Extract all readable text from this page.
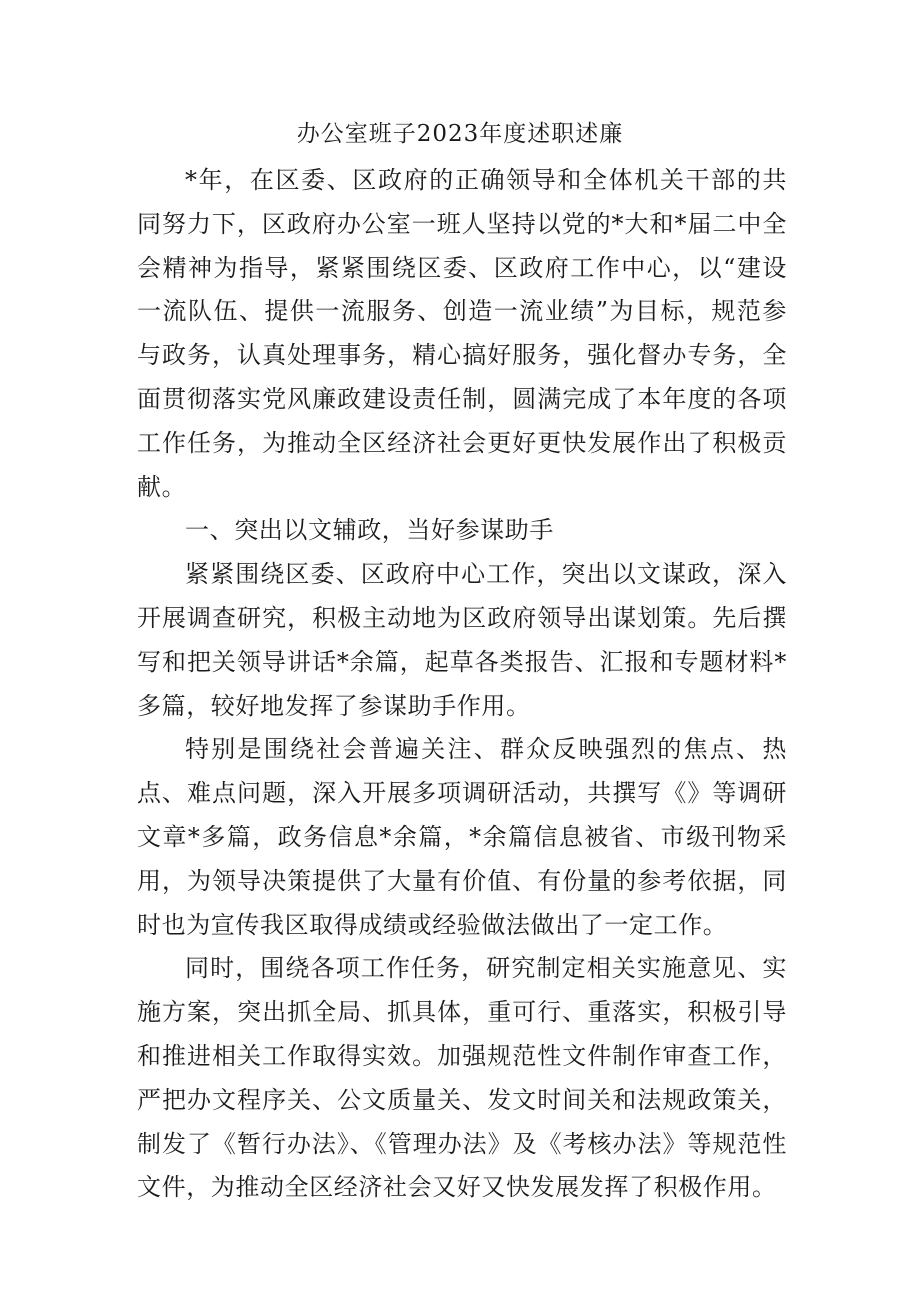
办公室班子2023年度述职述廉

*年，在区委、区政府的正确领导和全体机关干部的共同努力下，区政府办公室一班人坚持以党的*大和*届二中全会精神为指导，紧紧围绕区委、区政府工作中心，以“建设一流队伍、提供一流服务、创造一流业绩”为目标，规范参与政务，认真处理事务，精心搞好服务，强化督办专务，全面贯彻落实党风廉政建设责任制，圆满完成了本年度的各项工作任务，为推动全区经济社会更好更快发展作出了积极贡献。

一、突出以文辅政，当好参谋助手

紧紧围绕区委、区政府中心工作，突出以文谋政，深入开展调查研究，积极主动地为区政府领导出谋划策。先后撰写和把关领导讲话*余篇，起草各类报告、汇报和专题材料*多篇，较好地发挥了参谋助手作用。

特别是围绕社会普遍关注、群众反映强烈的焦点、热点、难点问题，深入开展多项调研活动，共撰写《》等调研文章*多篇，政务信息*余篇，*余篇信息被省、市级刊物采用，为领导决策提供了大量有价值、有份量的参考依据，同时也为宣传我区取得成绩或经验做法做出了一定工作。

同时，围绕各项工作任务，研究制定相关实施意见、实施方案，突出抓全局、抓具体，重可行、重落实，积极引导和推进相关工作取得实效。加强规范性文件制作审查工作，严把办文程序关、公文质量关、发文时间关和法规政策关，制发了《暂行办法》、《管理办法》及《考核办法》等规范性文件，为推动全区经济社会又好又快发展发挥了积极作用。
